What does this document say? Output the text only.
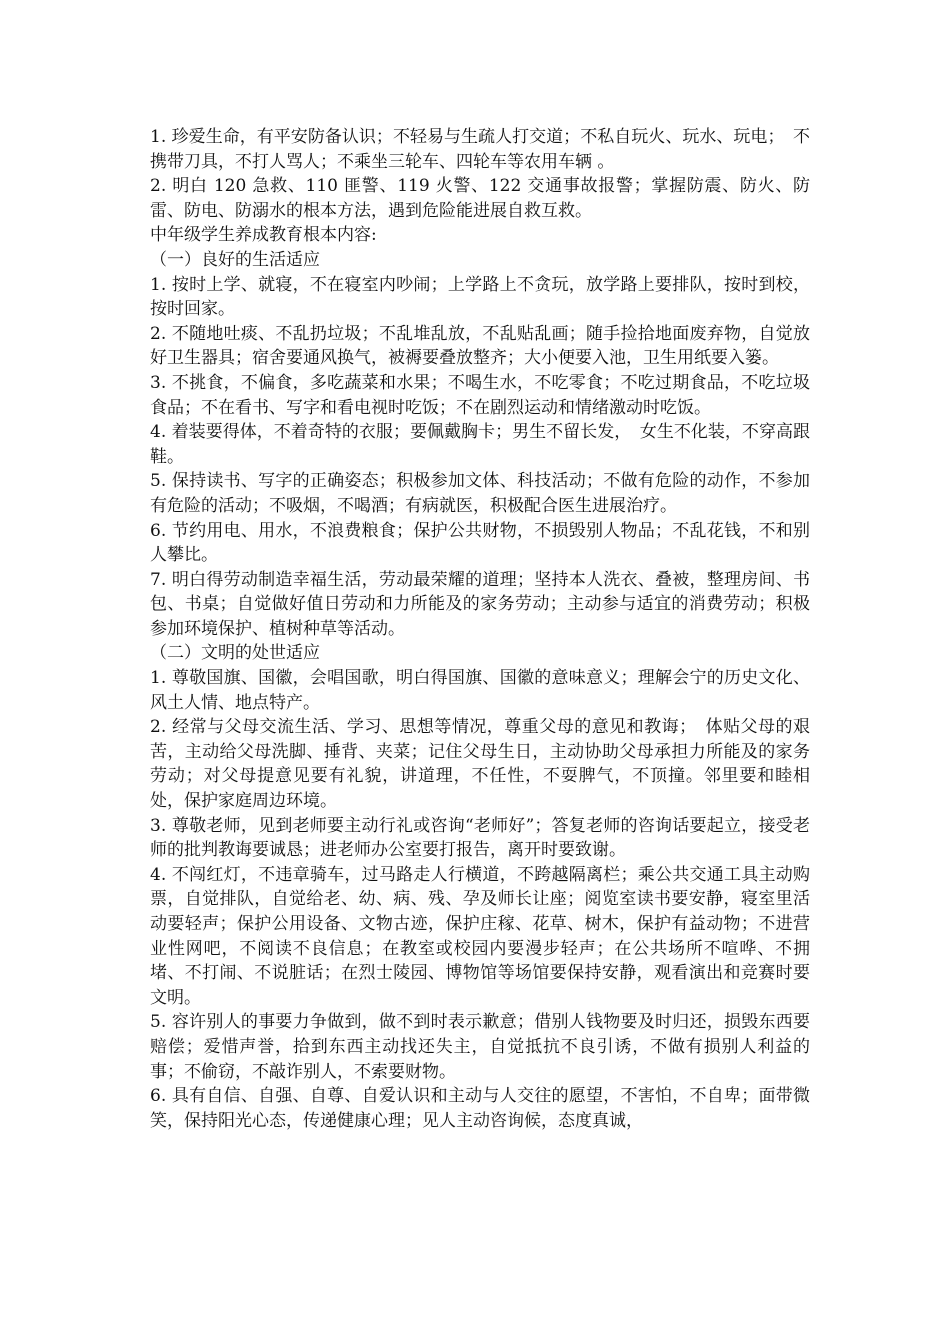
1. 珍爱生命，有平安防备认识；不轻易与生疏人打交道；不私自玩火、玩水、玩电；　不携带刀具，不打人骂人；不乘坐三轮车、四轮车等农用车辆 。

2. 明白 120 急救、110 匪警、119 火警、122 交通事故报警；掌握防震、防火、防雷、防电、防溺水的根本方法，遇到危险能进展自救互救。

中年级学生养成教育根本内容:

（一）良好的生活适应

1. 按时上学、就寝，不在寝室内吵闹；上学路上不贪玩，放学路上要排队，按时到校，按时回家。

2. 不随地吐痰、不乱扔垃圾；不乱堆乱放，不乱贴乱画；随手捡拾地面废弃物，自觉放好卫生器具；宿舍要通风换气，被褥要叠放整齐；大小便要入池，卫生用纸要入篓。

3. 不挑食，不偏食，多吃蔬菜和水果；不喝生水，不吃零食；不吃过期食品，不吃垃圾食品；不在看书、写字和看电视时吃饭；不在剧烈运动和情绪激动时吃饭。

4. 着装要得体，不着奇特的衣服；要佩戴胸卡；男生不留长发，　女生不化装，不穿高跟鞋。

5. 保持读书、写字的正确姿态；积极参加文体、科技活动；不做有危险的动作，不参加有危险的活动；不吸烟，不喝酒；有病就医，积极配合医生进展治疗。

6. 节约用电、用水，不浪费粮食；保护公共财物，不损毁别人物品；不乱花钱，不和别人攀比。

7. 明白得劳动制造幸福生活，劳动最荣耀的道理；坚持本人洗衣、叠被，整理房间、书包、书桌；自觉做好值日劳动和力所能及的家务劳动；主动参与适宜的消费劳动；积极参加环境保护、植树种草等活动。

（二）文明的处世适应

1. 尊敬国旗、国徽，会唱国歌，明白得国旗、国徽的意味意义；理解会宁的历史文化、风土人情、地点特产。

2. 经常与父母交流生活、学习、思想等情况，尊重父母的意见和教诲；　体贴父母的艰苦，主动给父母洗脚、捶背、夹菜；记住父母生日，主动协助父母承担力所能及的家务劳动；对父母提意见要有礼貌，讲道理，不任性，不耍脾气，不顶撞。邻里要和睦相处，保护家庭周边环境。

3. 尊敬老师，见到老师要主动行礼或咨询“老师好”；答复老师的咨询话要起立，接受老师的批判教诲要诚恳；进老师办公室要打报告，离开时要致谢。

4. 不闯红灯，不违章骑车，过马路走人行横道，不跨越隔离栏；乘公共交通工具主动购票，自觉排队，自觉给老、幼、病、残、孕及师长让座；阅览室读书要安静，寝室里活动要轻声；保护公用设备、文物古迹，保护庄稼、花草、树木，保护有益动物；不进营业性网吧，不阅读不良信息；在教室或校园内要漫步轻声；在公共场所不喧哗、不拥堵、不打闹、不说脏话；在烈士陵园、博物馆等场馆要保持安静，观看演出和竞赛时要文明。

5. 容许别人的事要力争做到，做不到时表示歉意；借别人钱物要及时归还，损毁东西要赔偿；爱惜声誉，拾到东西主动找还失主，自觉抵抗不良引诱，不做有损别人利益的事；不偷窃，不敲诈别人，不索要财物。

6. 具有自信、自强、自尊、自爱认识和主动与人交往的愿望，不害怕，不自卑；面带微笑，保持阳光心态，传递健康心理；见人主动咨询候，态度真诚，
